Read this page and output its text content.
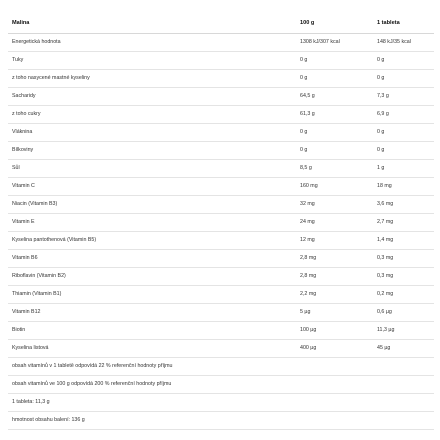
Malina	100 g	1 tableta
Energetická hodnota	1308 kJ/307 kcal	148 kJ/35 kcal
Tuky	0 g	0 g
z toho nasycené mastné kyseliny	0 g	0 g
Sacharidy	64,5 g	7,3 g
z toho cukry	61,3 g	6,9 g
Vláknina	0 g	0 g
Bílkoviny	0 g	0 g
Sůl	8,5 g	1 g
Vitamin C	160 mg	18 mg
Niacin (Vitamin B3)	32 mg	3,6 mg
Vitamin E	24 mg	2,7 mg
Kyselina pantothenová (Vitamin B5)	12 mg	1,4 mg
Vitamin B6	2,8 mg	0,3 mg
Riboflavin (Vitamin B2)	2,8 mg	0,3 mg
Thiamin (Vitamin B1)	2,2 mg	0,2 mg
Vitamin B12	5 µg	0,6 µg
Biotin	100 µg	11,3 µg
Kyselina listová	400 µg	45 µg
obsah vitamínů v 1 tabletě odpovídá 22 % referenční hodnoty příjmu
obsah vitamínů ve 100 g odpovídá 200 % referenční hodnoty příjmu
1 tableta: 11,3 g
hmotnost obsahu balení: 136 g
